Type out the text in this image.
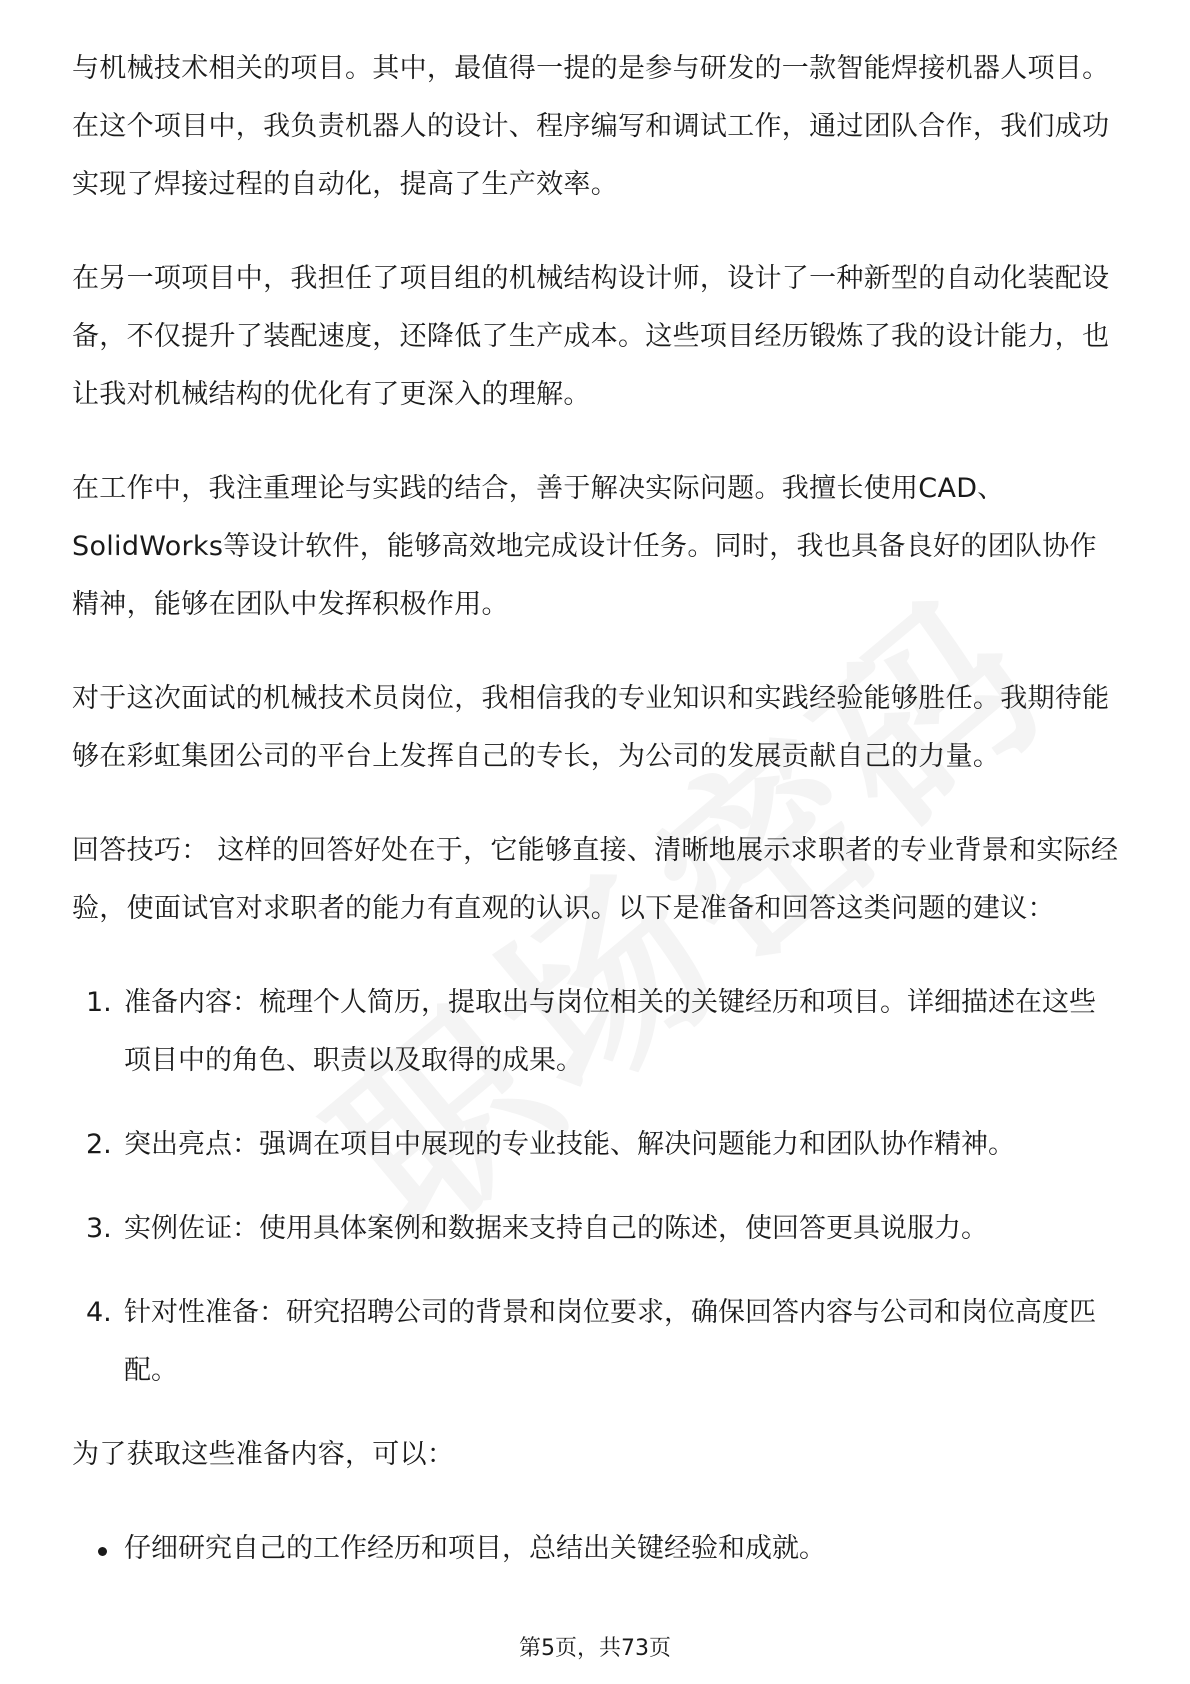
与机械技术相关的项目。其中，最值得一提的是参与研发的一款智能焊接机器人项目。在这个项目中，我负责机器人的设计、程序编写和调试工作，通过团队合作，我们成功实现了焊接过程的自动化，提高了生产效率。

在另一项项目中，我担任了项目组的机械结构设计师，设计了一种新型的自动化装配设备，不仅提升了装配速度，还降低了生产成本。这些项目经历锻炼了我的设计能力，也让我对机械结构的优化有了更深入的理解。

在工作中，我注重理论与实践的结合，善于解决实际问题。我擅长使用CAD、SolidWorks等设计软件，能够高效地完成设计任务。同时，我也具备良好的团队协作精神，能够在团队中发挥积极作用。

对于这次面试的机械技术员岗位，我相信我的专业知识和实践经验能够胜任。我期待能够在彩虹集团公司的平台上发挥自己的专长，为公司的发展贡献自己的力量。

回答技巧： 这样的回答好处在于，它能够直接、清晰地展示求职者的专业背景和实际经验，使面试官对求职者的能力有直观的认识。以下是准备和回答这类问题的建议：

1. 准备内容：梳理个人简历，提取出与岗位相关的关键经历和项目。详细描述在这些项目中的角色、职责以及取得的成果。
2. 突出亮点：强调在项目中展现的专业技能、解决问题能力和团队协作精神。
3. 实例佐证：使用具体案例和数据来支持自己的陈述，使回答更具说服力。
4. 针对性准备：研究招聘公司的背景和岗位要求，确保回答内容与公司和岗位高度匹配。

为了获取这些准备内容，可以：

仔细研究自己的工作经历和项目，总结出关键经验和成就。
第5页，共73页
